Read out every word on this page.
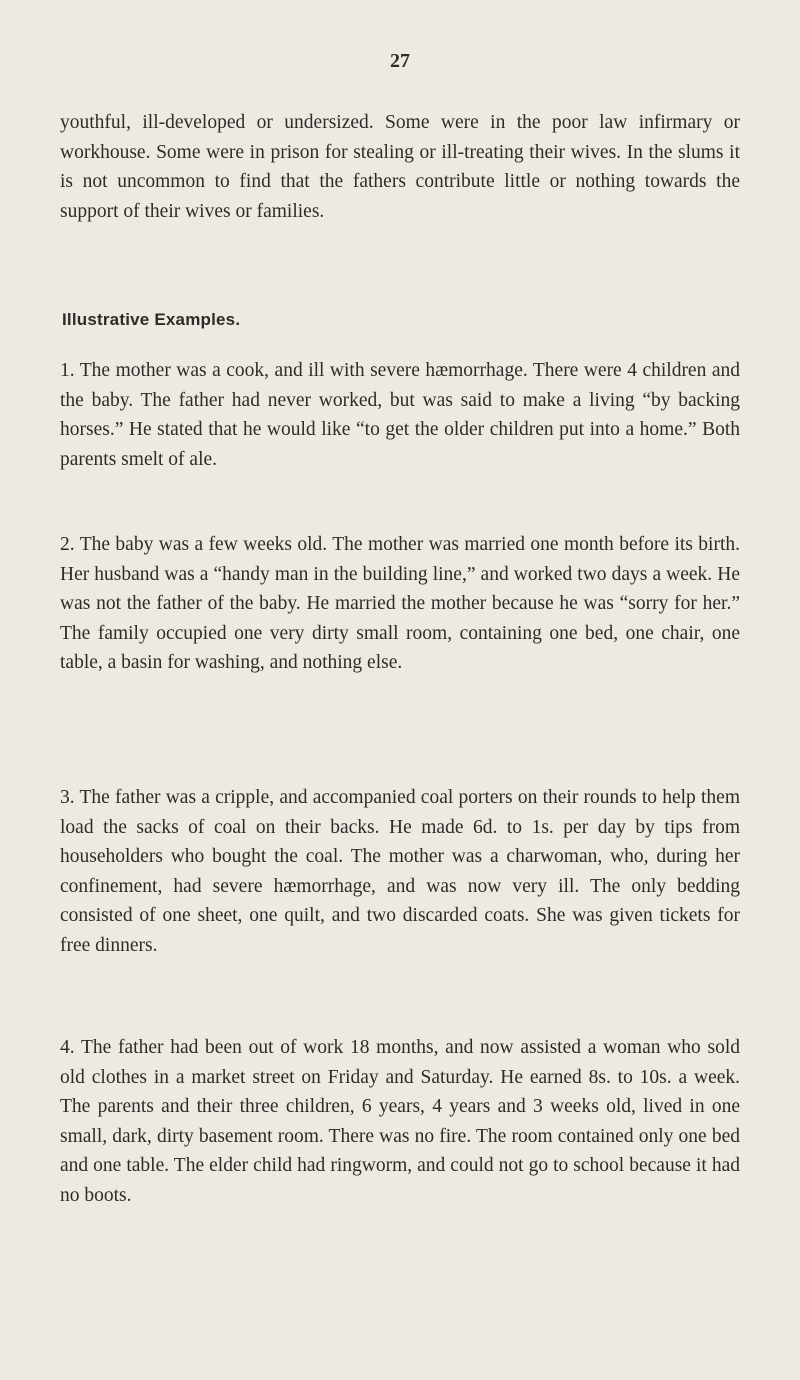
27

youthful, ill-developed or undersized. Some were in the poor law infirmary or workhouse. Some were in prison for stealing or ill-treating their wives. In the slums it is not uncommon to find that the fathers contribute little or nothing towards the support of their wives or families.

Illustrative Examples.

1. The mother was a cook, and ill with severe hæmorrhage. There were 4 children and the baby. The father had never worked, but was said to make a living “by backing horses.” He stated that he would like “to get the older children put into a home.” Both parents smelt of ale.

2. The baby was a few weeks old. The mother was married one month before its birth. Her husband was a “handy man in the building line,” and worked two days a week. He was not the father of the baby. He married the mother because he was “sorry for her.” The family occupied one very dirty small room, containing one bed, one chair, one table, a basin for washing, and nothing else.

3. The father was a cripple, and accompanied coal porters on their rounds to help them load the sacks of coal on their backs. He made 6d. to 1s. per day by tips from householders who bought the coal. The mother was a charwoman, who, during her confinement, had severe hæmorrhage, and was now very ill. The only bedding consisted of one sheet, one quilt, and two discarded coats. She was given tickets for free dinners.

4. The father had been out of work 18 months, and now assisted a woman who sold old clothes in a market street on Friday and Saturday. He earned 8s. to 10s. a week. The parents and their three children, 6 years, 4 years and 3 weeks old, lived in one small, dark, dirty basement room. There was no fire. The room contained only one bed and one table. The elder child had ringworm, and could not go to school because it had no boots.
